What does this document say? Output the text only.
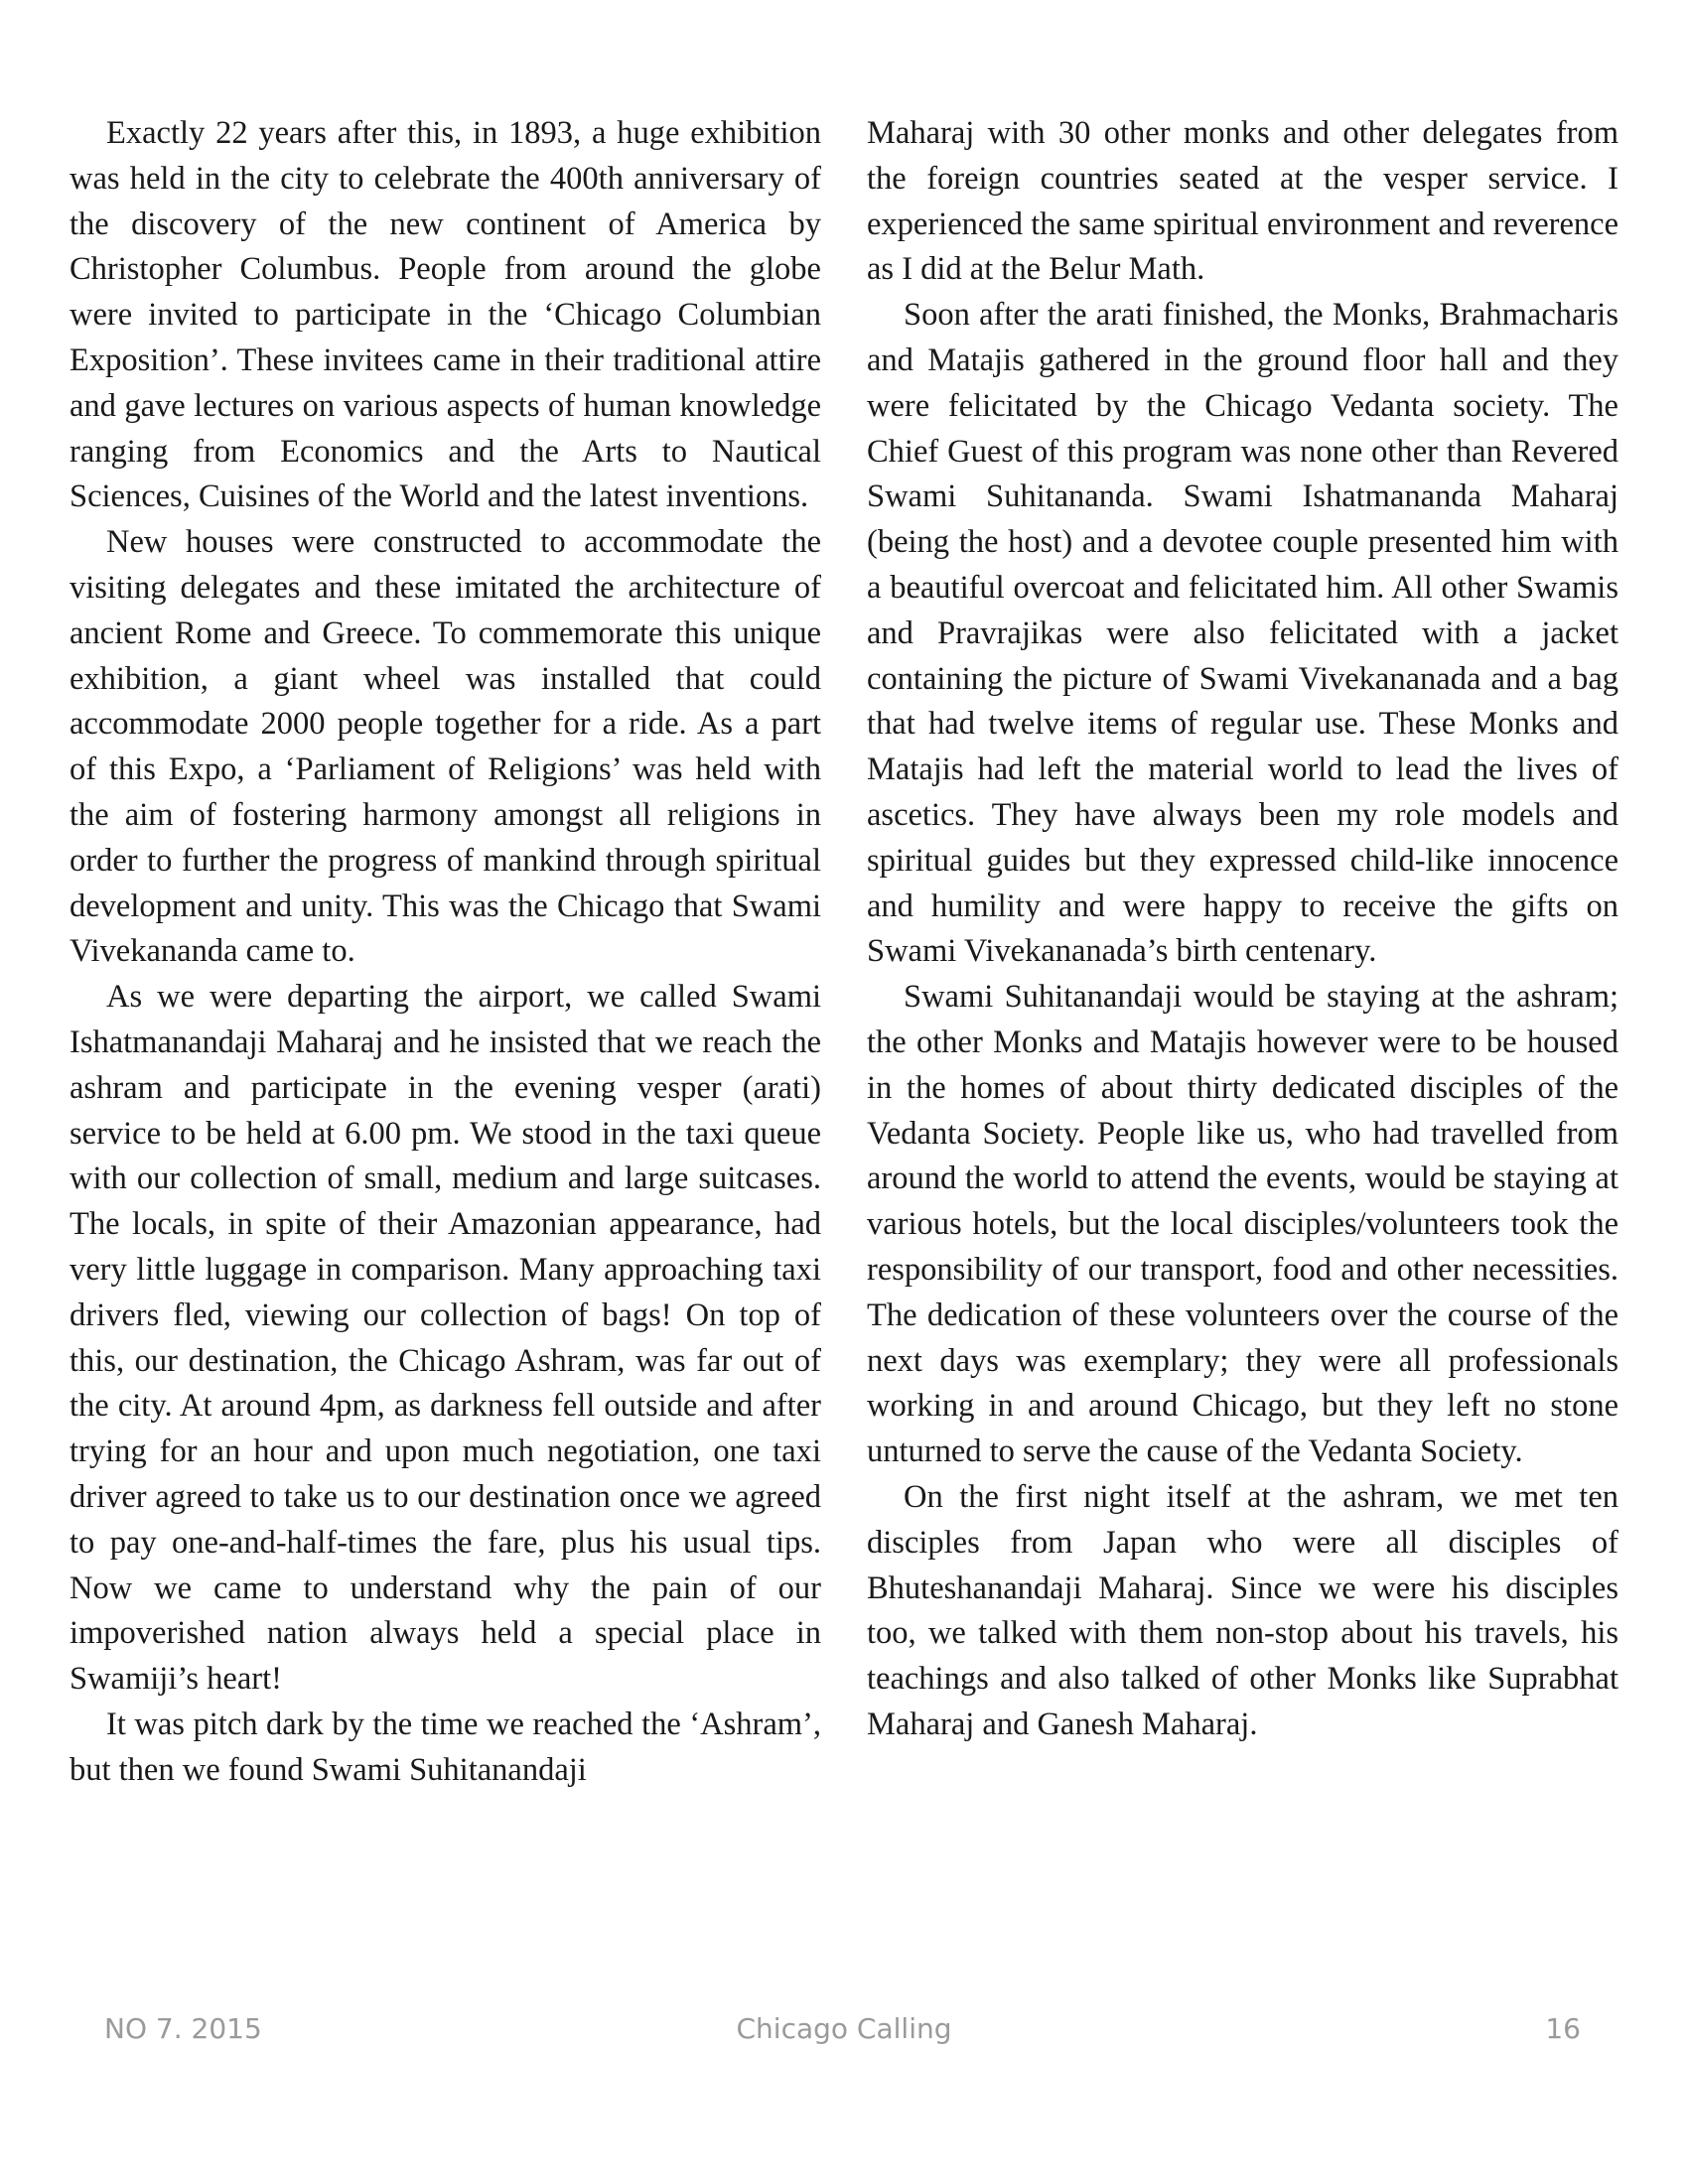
Exactly 22 years after this, in 1893, a huge exhibition was held in the city to celebrate the 400th anniversary of the discovery of the new continent of America by Christopher Columbus. People from around the globe were invited to participate in the ‘Chicago Columbian Exposition’. These invitees came in their traditional attire and gave lectures on various aspects of human knowledge ranging from Economics and the Arts to Nautical Sciences, Cuisines of the World and the latest inventions.

New houses were constructed to accommodate the visiting delegates and these imitated the architecture of ancient Rome and Greece. To commemorate this unique exhibition, a giant wheel was installed that could accommodate 2000 people together for a ride. As a part of this Expo, a ‘Parliament of Religions’ was held with the aim of fostering harmony amongst all religions in order to further the progress of mankind through spiritual development and unity. This was the Chicago that Swami Vivekananda came to.

As we were departing the airport, we called Swami Ishatmanandaji Maharaj and he insisted that we reach the ashram and participate in the evening vesper (arati) service to be held at 6.00 pm. We stood in the taxi queue with our collection of small, medium and large suitcases. The locals, in spite of their Amazonian appearance, had very little luggage in comparison. Many approaching taxi drivers fled, viewing our collection of bags! On top of this, our destination, the Chicago Ashram, was far out of the city. At around 4pm, as darkness fell outside and after trying for an hour and upon much negotiation, one taxi driver agreed to take us to our destination once we agreed to pay one-and-half-times the fare, plus his usual tips. Now we came to understand why the pain of our impoverished nation always held a special place in Swamiji’s heart!

It was pitch dark by the time we reached the ‘Ashram’, but then we found Swami Suhitanandaji

Maharaj with 30 other monks and other delegates from the foreign countries seated at the vesper service. I experienced the same spiritual environment and reverence as I did at the Belur Math.

Soon after the arati finished, the Monks, Brahmacharis and Matajis gathered in the ground floor hall and they were felicitated by the Chicago Vedanta society. The Chief Guest of this program was none other than Revered Swami Suhitananda. Swami Ishatmananda Maharaj (being the host) and a devotee couple presented him with a beautiful overcoat and felicitated him. All other Swamis and Pravrajikas were also felicitated with a jacket containing the picture of Swami Vivekananada and a bag that had twelve items of regular use. These Monks and Matajis had left the material world to lead the lives of ascetics. They have always been my role models and spiritual guides but they expressed child-like innocence and humility and were happy to receive the gifts on Swami Vivekananada’s birth centenary.

Swami Suhitanandaji would be staying at the ashram; the other Monks and Matajis however were to be housed in the homes of about thirty dedicated disciples of the Vedanta Society. People like us, who had travelled from around the world to attend the events, would be staying at various hotels, but the local disciples/volunteers took the responsibility of our transport, food and other necessities. The dedication of these volunteers over the course of the next days was exemplary; they were all professionals working in and around Chicago, but they left no stone unturned to serve the cause of the Vedanta Society.

On the first night itself at the ashram, we met ten disciples from Japan who were all disciples of Bhuteshanandaji Maharaj. Since we were his disciples too, we talked with them non-stop about his travels, his teachings and also talked of other Monks like Suprabhat Maharaj and Ganesh Maharaj.

NO 7. 2015	Chicago Calling	16
